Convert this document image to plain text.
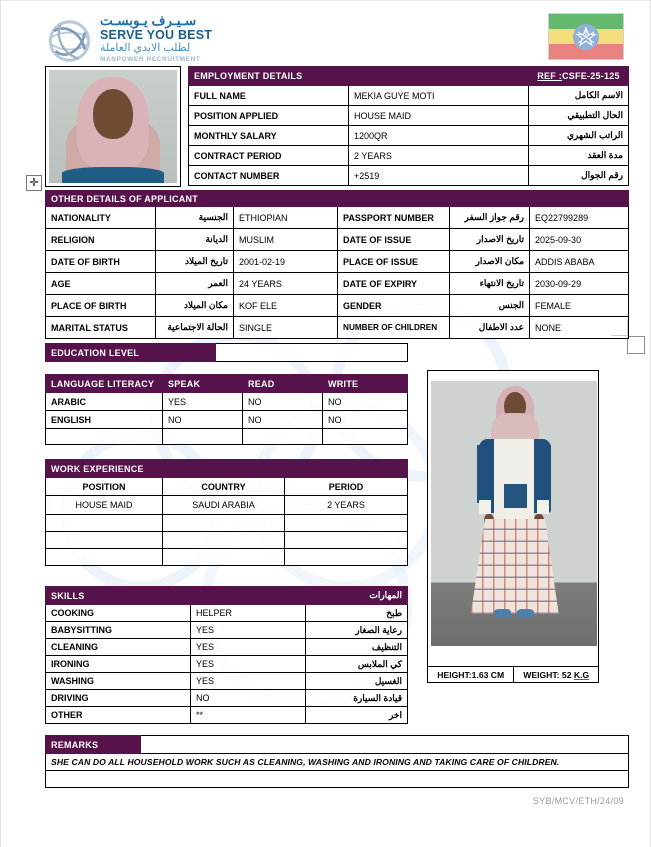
سـيـرف يـوبسـت
SERVE YOU BEST
لطلب الايدي العاملة
MANPOWER RECRUITMENT
✛
EMPLOYMENT DETAILS		REF :CSFE-25-125
FULL NAME	MEKIA GUYE MOTI	الاسم الكامل
POSITION APPLIED	HOUSE MAID	الحال التطبيقي
MONTHLY SALARY	1200QR	الراتب الشهري
CONTRACT PERIOD	2 YEARS	مدة العقد
CONTACT NUMBER	+2519	رقم الجوال
OTHER DETAILS OF APPLICANT					
NATIONALITY	الجنسية	ETHIOPIAN	PASSPORT NUMBER	رقم جواز السفر	EQ22799289
RELIGION	الديانة	MUSLIM	DATE OF ISSUE	تاريخ الاصدار	2025-09-30
DATE OF BIRTH	تاريخ الميلاد	2001-02-19	PLACE OF ISSUE	مكان الاصدار	ADDIS ABABA
AGE	العمر	24 YEARS	DATE OF EXPIRY	تاريخ الانتهاء	2030-09-29
PLACE OF BIRTH	مكان الميلاد	KOF ELE	GENDER	الجنس	FEMALE
MARITAL STATUS	الحالة الاجتماعية	SINGLE	NUMBER OF CHILDREN	عدد الاطفال	NONE
EDUCATION LEVEL	
LANGUAGE LITERACY	SPEAK	READ	WRITE
ARABIC	YES	NO	NO
ENGLISH	NO	NO	NO

WORK EXPERIENCE		
POSITION	COUNTRY	PERIOD
HOUSE MAID	SAUDI ARABIA	2 YEARS

SKILLS	المهارات	
COOKING	HELPER	طبخ
BABYSITTING	YES	رعاية الصغار
CLEANING	YES	التنظيف
IRONING	YES	كي الملابس
WASHING	YES	الغسيل
DRIVING	NO	قيادة السيارة
OTHER	**	اخر
HEIGHT:1.63 CM	WEIGHT: 52 K.G
REMARKS	
SHE CAN DO ALL HOUSEHOLD WORK SUCH AS CLEANING, WASHING AND IRONING AND TAKING CARE OF CHILDREN.

SYB/MCV/ETH/24/09
